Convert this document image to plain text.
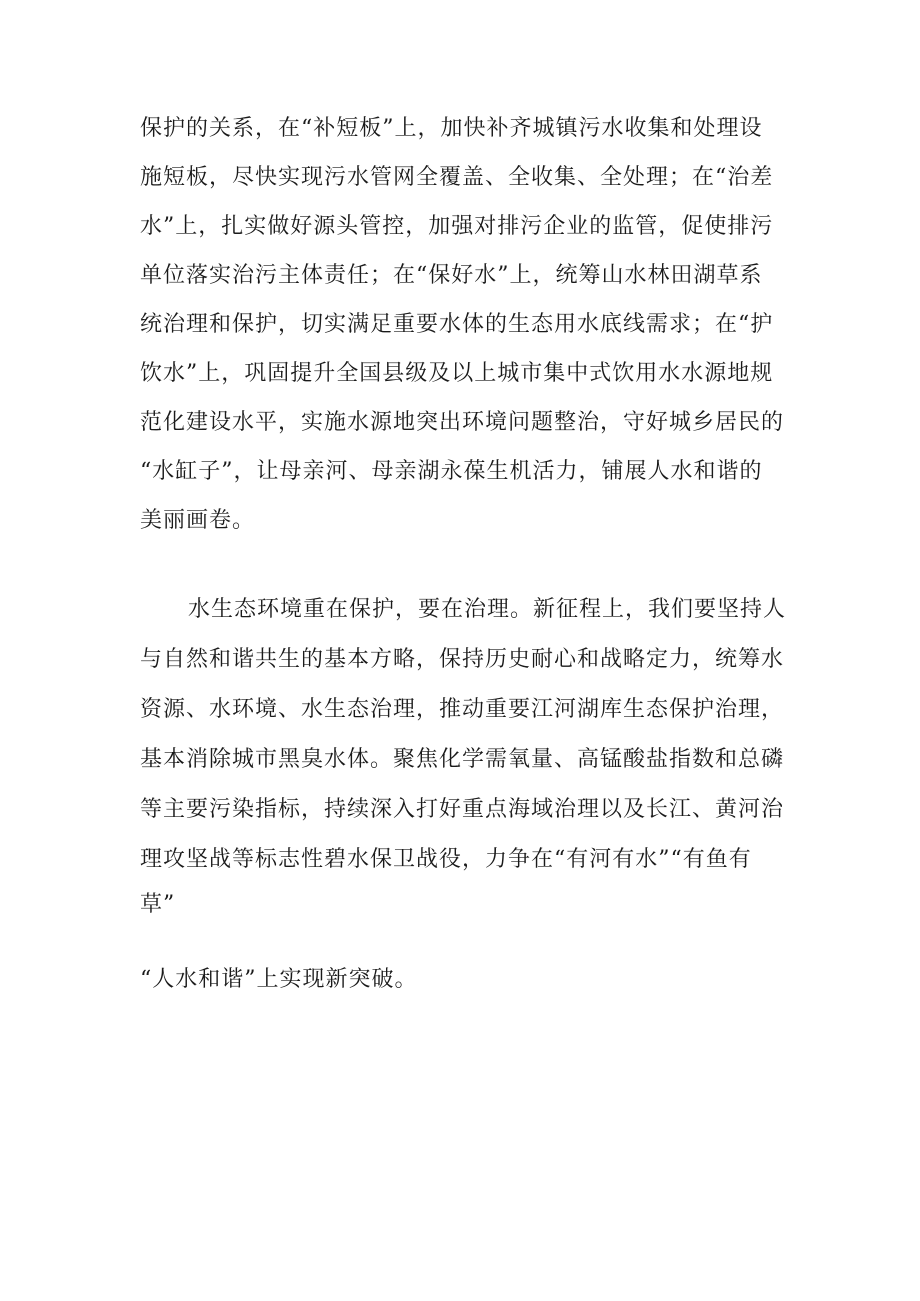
保护的关系，在“补短板”上，加快补齐城镇污水收集和处理设
施短板，尽快实现污水管网全覆盖、全收集、全处理；在“治差
水”上，扎实做好源头管控，加强对排污企业的监管，促使排污
单位落实治污主体责任；在“保好水”上，统筹山水林田湖草系
统治理和保护，切实满足重要水体的生态用水底线需求；在“护
饮水”上，巩固提升全国县级及以上城市集中式饮用水水源地规
范化建设水平，实施水源地突出环境问题整治，守好城乡居民的
“水缸子”，让母亲河、母亲湖永葆生机活力，铺展人水和谐的
美丽画卷。
水生态环境重在保护，要在治理。新征程上，我们要坚持人
与自然和谐共生的基本方略，保持历史耐心和战略定力，统筹水
资源、水环境、水生态治理，推动重要江河湖库生态保护治理，
基本消除城市黑臭水体。聚焦化学需氧量、高锰酸盐指数和总磷
等主要污染指标，持续深入打好重点海域治理以及长江、黄河治
理攻坚战等标志性碧水保卫战役，力争在“有河有水”“有鱼有
草”
“人水和谐”上实现新突破。
